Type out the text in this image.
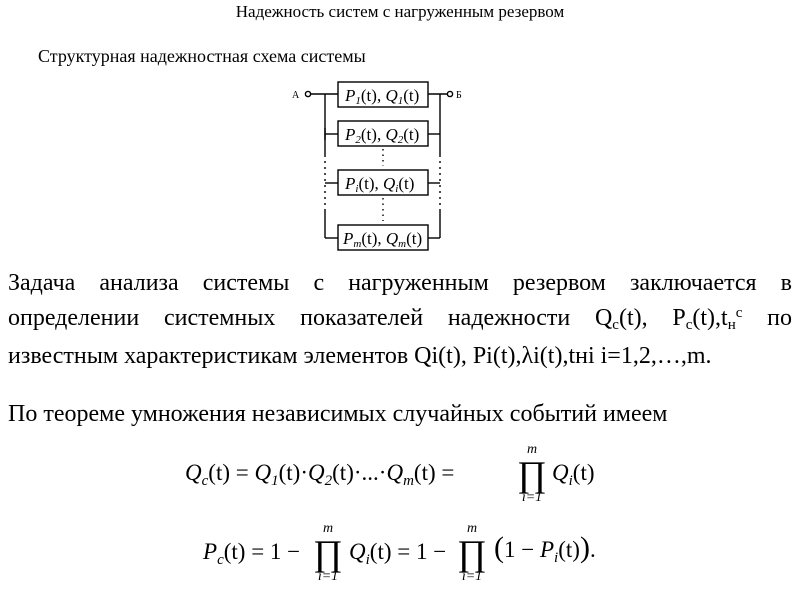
Надежность систем с нагруженным резервом
Структурная надежностная схема системы
А	Б
P1(t), Q1(t)
P2(t), Q2(t)
Pi(t), Qi(t)
Pm(t), Qm(t)
Задача анализа системы с нагруженным резервом заключается в определении системных показателей надежности Qc(t), $Pc(t),tн^c$ по известным характеристикам элементов Qi(t), Pi(t),λi(t),tнi i=1,2,…,m.
По теореме умножения независимых случайных событий имеем
$Q_c(t) = Q_1(t)\cdot Q_2(t)\cdot...\cdot Q_m(t)$ =
m
∏
i=1
$Q_i(t)$
$P_c(t) = 1$ −
m
∏
i=1
$Q_i(t) = 1$ −
m
∏
i=1
$(1 - P_i(t))$.
